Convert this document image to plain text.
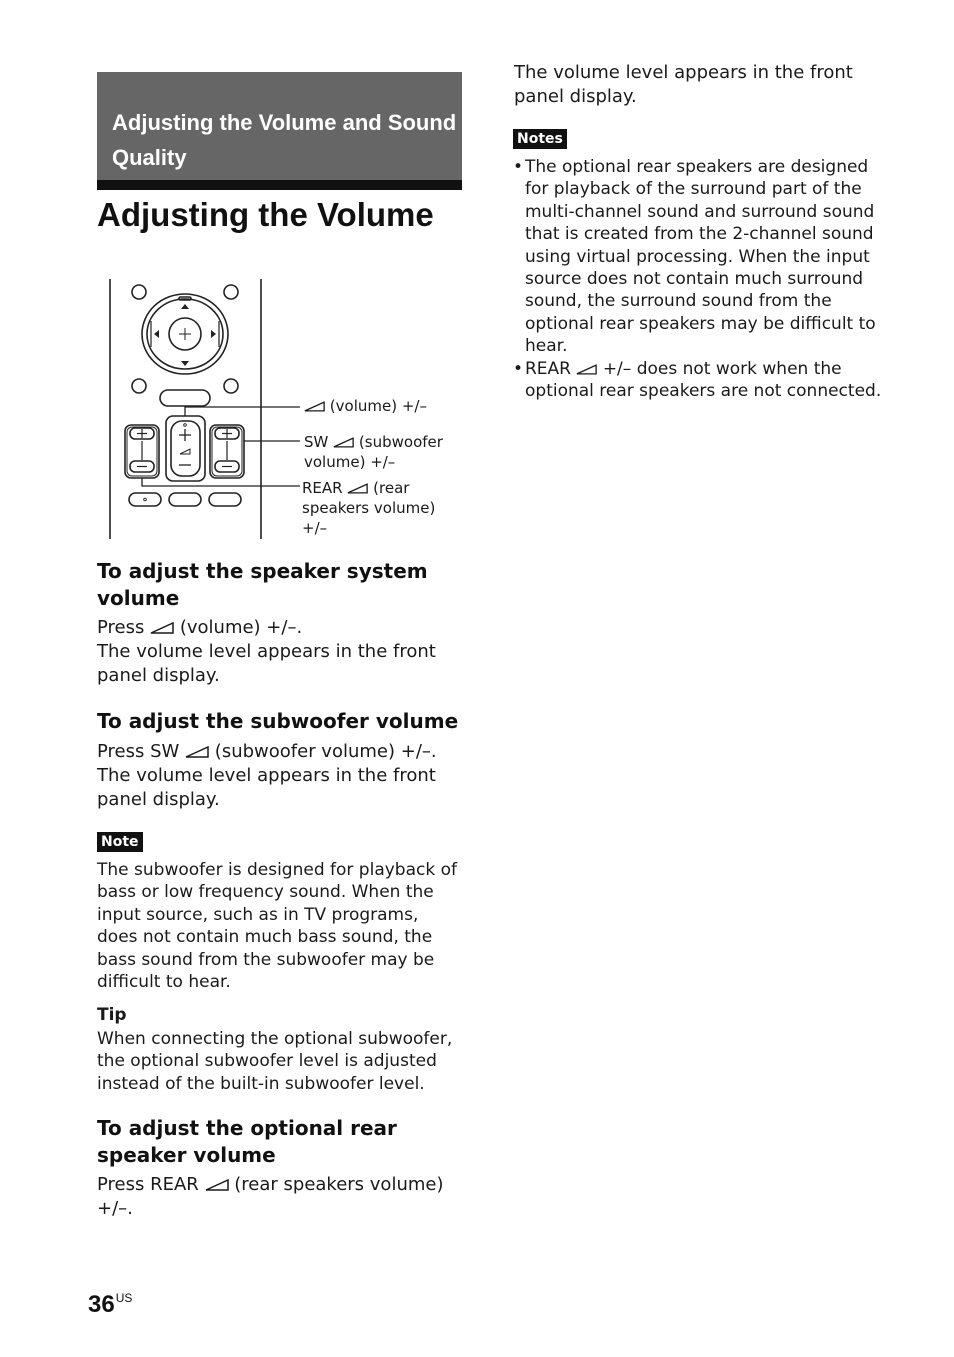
Adjusting the Volume and Sound Quality
Adjusting the Volume
(volume) +/–
SW (subwoofer
volume) +/–
REAR (rear
speakers volume)
+/–
To adjust the speaker system volume
Press (volume) +/–.
The volume level appears in the front panel display.
To adjust the subwoofer volume
Press SW (subwoofer volume) +/–.
The volume level appears in the front panel display.
Note
The subwoofer is designed for playback of bass or low frequency sound. When the input source, such as in TV programs, does not contain much bass sound, the bass sound from the subwoofer may be difficult to hear.
Tip
When connecting the optional subwoofer, the optional subwoofer level is adjusted instead of the built-in subwoofer level.
To adjust the optional rear speaker volume
Press REAR (rear speakers volume) +/–.
The volume level appears in the front panel display.
Notes
• The optional rear speakers are designed for playback of the surround part of the multi-channel sound and surround sound that is created from the 2-channel sound using virtual processing. When the input source does not contain much surround sound, the surround sound from the optional rear speakers may be difficult to hear.
• REAR +/– does not work when the optional rear speakers are not connected.
$36^{US}$
